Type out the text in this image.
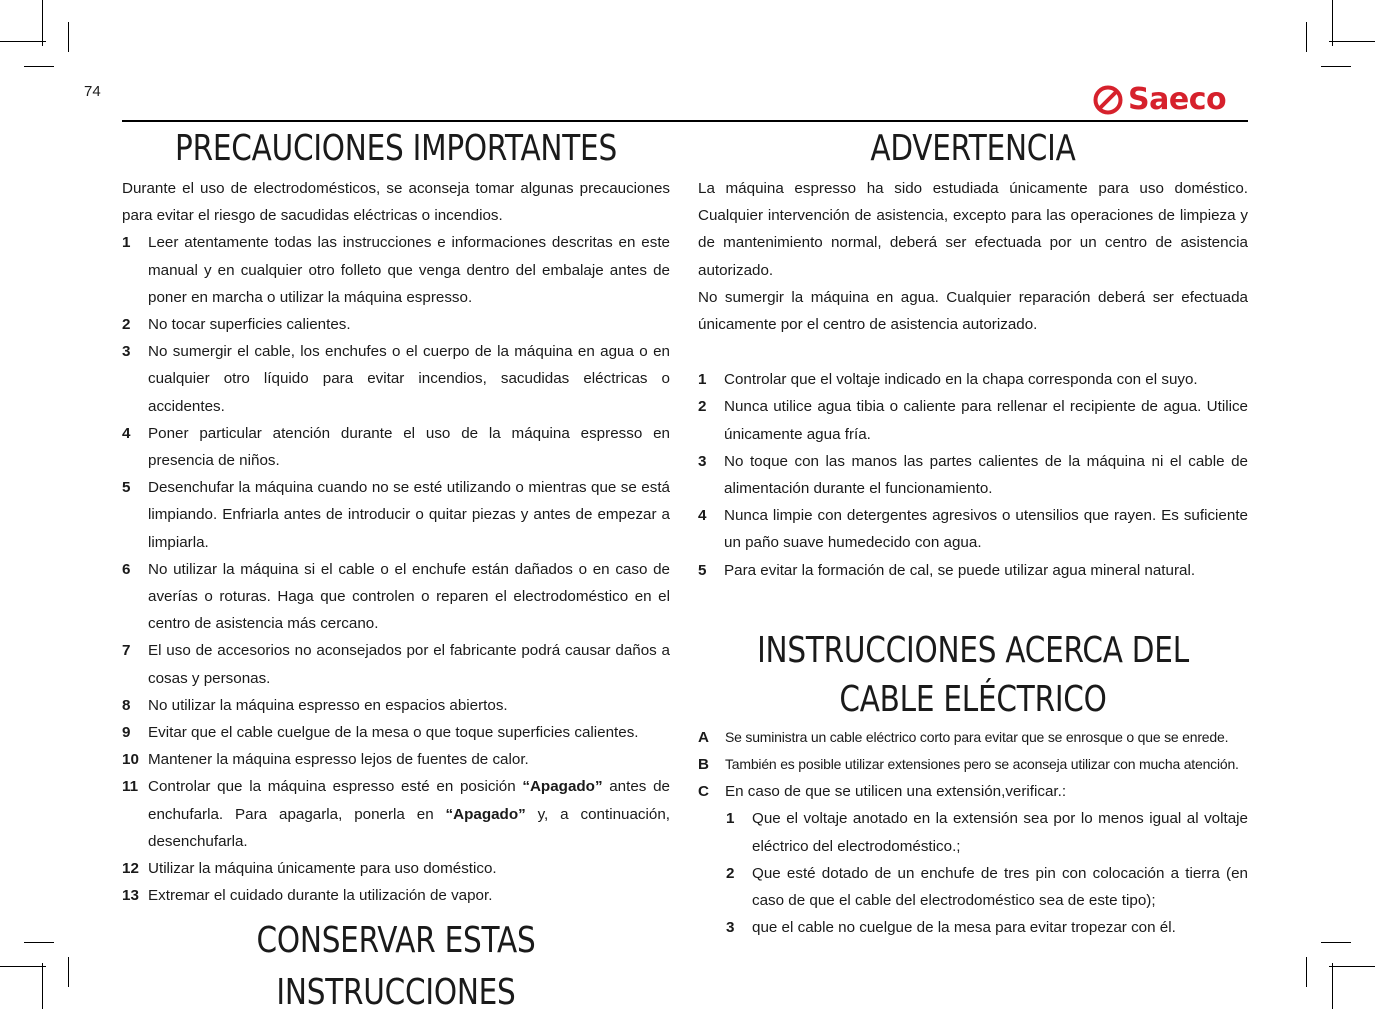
74	Saeco
PRECAUCIONES IMPORTANTES

Durante el uso de electrodomésticos, se aconseja tomar algunas precauciones para evitar el riesgo de sacudidas eléctricas o incendios.

1	Leer atentamente todas las instrucciones e informaciones descritas en este manual y en cualquier otro folleto que venga dentro del embalaje antes de poner en marcha o utilizar la máquina espresso.
2	No tocar superficies calientes.
3	No sumergir el cable, los enchufes o el cuerpo de la máquina en agua o en cualquier otro líquido para evitar incendios, sacudidas eléctricas o accidentes.
4	Poner particular atención durante el uso de la máquina espresso en presencia de niños.
5	Desenchufar la máquina cuando no se esté utilizando o mientras que se está limpiando. Enfriarla antes de introducir o quitar piezas y antes de empezar a limpiarla.
6	No utilizar la máquina si el cable o el enchufe están dañados o en caso de averías o roturas. Haga que controlen o reparen el electrodoméstico en el centro de asistencia más cercano.
7	El uso de accesorios no aconsejados por el fabricante podrá causar daños a cosas y personas.
8	No utilizar la máquina espresso en espacios abiertos.
9	Evitar que el cable cuelgue de la mesa o que toque superficies calientes.
10 Mantener la máquina espresso lejos de fuentes de calor.
11 Controlar que la máquina espresso esté en posición “Apagado” antes de enchufarla. Para apagarla, ponerla en “Apagado” y, a continuación, desenchufarla.
12 Utilizar la máquina únicamente para uso doméstico.
13 Extremar el cuidado durante la utilización de vapor.
CONSERVAR ESTAS INSTRUCCIONES
ADVERTENCIA

La máquina espresso ha sido estudiada únicamente para uso doméstico. Cualquier intervención de asistencia, excepto para las operaciones de limpieza y de mantenimiento normal, deberá ser efectuada por un centro de asistencia autorizado.

No sumergir la máquina en agua. Cualquier reparación deberá ser efectuada únicamente por el centro de asistencia autorizado.

1	Controlar que el voltaje indicado en la chapa corresponda con el suyo.
2	Nunca utilice agua tibia o caliente para rellenar el recipiente de agua. Utilice únicamente agua fría.
3	No toque con las manos las partes calientes de la máquina ni el cable de alimentación durante el funcionamiento.
4	Nunca limpie con detergentes agresivos o utensilios que rayen. Es suficiente un paño suave humedecido con agua.
5	Para evitar la formación de cal, se puede utilizar agua mineral natural.
INSTRUCCIONES ACERCA DEL CABLE ELÉCTRICO
A	Se suministra un cable eléctrico corto para evitar que se enrosque o que se enrede.
B	También es posible utilizar extensiones pero se aconseja utilizar con mucha atención.
C	En caso de que se utilicen una extensión,verificar.:
1	Que el voltaje anotado en la extensión sea por lo menos igual al voltaje eléctrico del electrodoméstico.;
2	Que esté dotado de un enchufe de tres pin con colocación a tierra (en caso de que el cable del electrodoméstico sea de este tipo);
3	que el cable no cuelgue de la mesa para evitar tropezar con él.
